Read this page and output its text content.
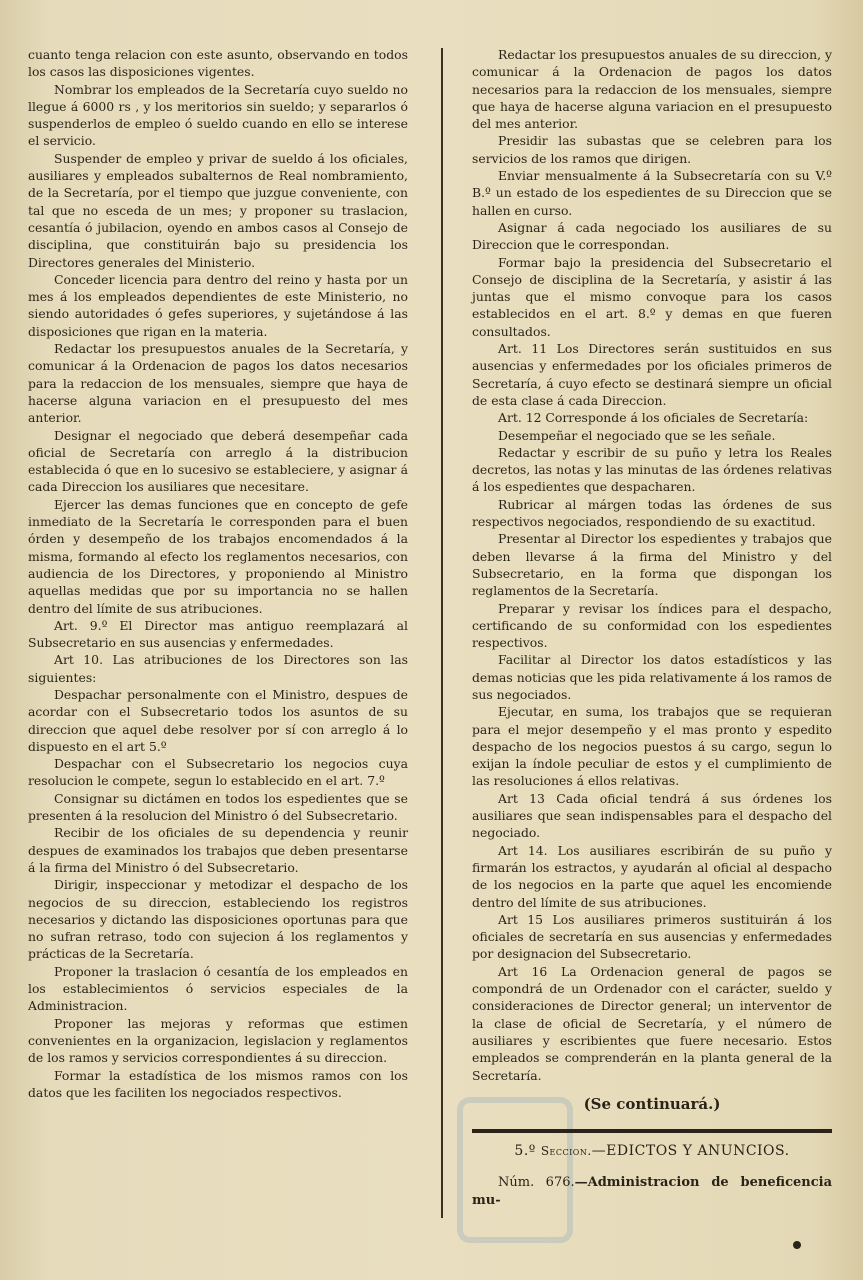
cuanto tenga relacion con este asunto, observando en todos los casos las disposiciones vigentes.

Nombrar los empleados de la Secretaría cuyo sueldo no llegue á 6000 rs , y los meritorios sin sueldo; y separarlos ó suspenderlos de empleo ó sueldo cuando en ello se interese el servicio.

Suspender de empleo y privar de sueldo á los oficiales, ausiliares y empleados subalternos de Real nombramiento, de la Secretaría, por el tiempo que juzgue conveniente, con tal que no esceda de un mes; y proponer su traslacion, cesantía ó jubilacion, oyendo en ambos casos al Consejo de disciplina, que constituirán bajo su presidencia los Directores generales del Ministerio.

Conceder licencia para dentro del reino y hasta por un mes á los empleados dependientes de este Ministerio, no siendo autoridades ó gefes superiores, y sujetándose á las disposiciones que rigan en la materia.

Redactar los presupuestos anuales de la Secretaría, y comunicar á la Ordenacion de pagos los datos necesarios para la redaccion de los mensuales, siempre que haya de hacerse alguna variacion en el presupuesto del mes anterior.

Designar el negociado que deberá desempeñar cada oficial de Secretaría con arreglo á la distribucion establecida ó que en lo sucesivo se estableciere, y asignar á cada Direccion los ausiliares que necesitare.

Ejercer las demas funciones que en concepto de gefe inmediato de la Secretaría le corresponden para el buen órden y desempeño de los trabajos encomendados á la misma, formando al efecto los reglamentos necesarios, con audiencia de los Directores, y proponiendo al Ministro aquellas medidas que por su importancia no se hallen dentro del límite de sus atribuciones.

Art. 9.º El Director mas antiguo reemplazará al Subsecretario en sus ausencias y enfermedades.

Art 10. Las atribuciones de los Directores son las siguientes:

Despachar personalmente con el Ministro, despues de acordar con el Subsecretario todos los asuntos de su direccion que aquel debe resolver por sí con arreglo á lo dispuesto en el art 5.º

Despachar con el Subsecretario los negocios cuya resolucion le compete, segun lo establecido en el art. 7.º

Consignar su dictámen en todos los espedientes que se presenten á la resolucion del Ministro ó del Subsecretario.

Recibir de los oficiales de su dependencia y reunir despues de examinados los trabajos que deben presentarse á la firma del Ministro ó del Subsecretario.

Dirigir, inspeccionar y metodizar el despacho de los negocios de su direccion, estableciendo los registros necesarios y dictando las disposiciones oportunas para que no sufran retraso, todo con sujecion á los reglamentos y prácticas de la Secretaría.

Proponer la traslacion ó cesantía de los empleados en los establecimientos ó servicios especiales de la Administracion.

Proponer las mejoras y reformas que estimen convenientes en la organizacion, legislacion y reglamentos de los ramos y servicios correspondientes á su direccion.

Formar la estadística de los mismos ramos con los datos que les faciliten los negociados respectivos.

Redactar los presupuestos anuales de su direccion, y comunicar á la Ordenacion de pagos los datos necesarios para la redaccion de los mensuales, siempre que haya de hacerse alguna variacion en el presupuesto del mes anterior.

Presidir las subastas que se celebren para los servicios de los ramos que dirigen.

Enviar mensualmente á la Subsecretaría con su V.º B.º un estado de los espedientes de su Direccion que se hallen en curso.

Asignar á cada negociado los ausiliares de su Direccion que le correspondan.

Formar bajo la presidencia del Subsecretario el Consejo de disciplina de la Secretaría, y asistir á las juntas que el mismo convoque para los casos establecidos en el art. 8.º y demas en que fueren consultados.

Art. 11 Los Directores serán sustituidos en sus ausencias y enfermedades por los oficiales primeros de Secretaría, á cuyo efecto se destinará siempre un oficial de esta clase á cada Direccion.

Art. 12 Corresponde á los oficiales de Secretaría:

Desempeñar el negociado que se les señale.

Redactar y escribir de su puño y letra los Reales decretos, las notas y las minutas de las órdenes relativas á los espedientes que despacharen.

Rubricar al márgen todas las órdenes de sus respectivos negociados, respondiendo de su exactitud.

Presentar al Director los espedientes y trabajos que deben llevarse á la firma del Ministro y del Subsecretario, en la forma que dispongan los reglamentos de la Secretaría.

Preparar y revisar los índices para el despacho, certificando de su conformidad con los espedientes respectivos.

Facilitar al Director los datos estadísticos y las demas noticias que les pida relativamente á los ramos de sus negociados.

Ejecutar, en suma, los trabajos que se requieran para el mejor desempeño y el mas pronto y espedito despacho de los negocios puestos á su cargo, segun lo exijan la índole peculiar de estos y el cumplimiento de las resoluciones á ellos relativas.

Art 13 Cada oficial tendrá á sus órdenes los ausiliares que sean indispensables para el despacho del negociado.

Art 14. Los ausiliares escribirán de su puño y firmarán los estractos, y ayudarán al oficial al despacho de los negocios en la parte que aquel les encomiende dentro del límite de sus atribuciones.

Art 15 Los ausiliares primeros sustituirán á los oficiales de secretaría en sus ausencias y enfermedades por designacion del Subsecretario.

Art 16 La Ordenacion general de pagos se compondrá de un Ordenador con el carácter, sueldo y consideraciones de Director general; un interventor de la clase de oficial de Secretaría, y el número de ausiliares y escribientes que fuere necesario. Estos empleados se comprenderán en la planta general de la Secretaría.

(Se continuará.)
5.º Seccion.—EDICTOS Y ANUNCIOS.

Núm. 676.—Administracion de beneficencia mu-
